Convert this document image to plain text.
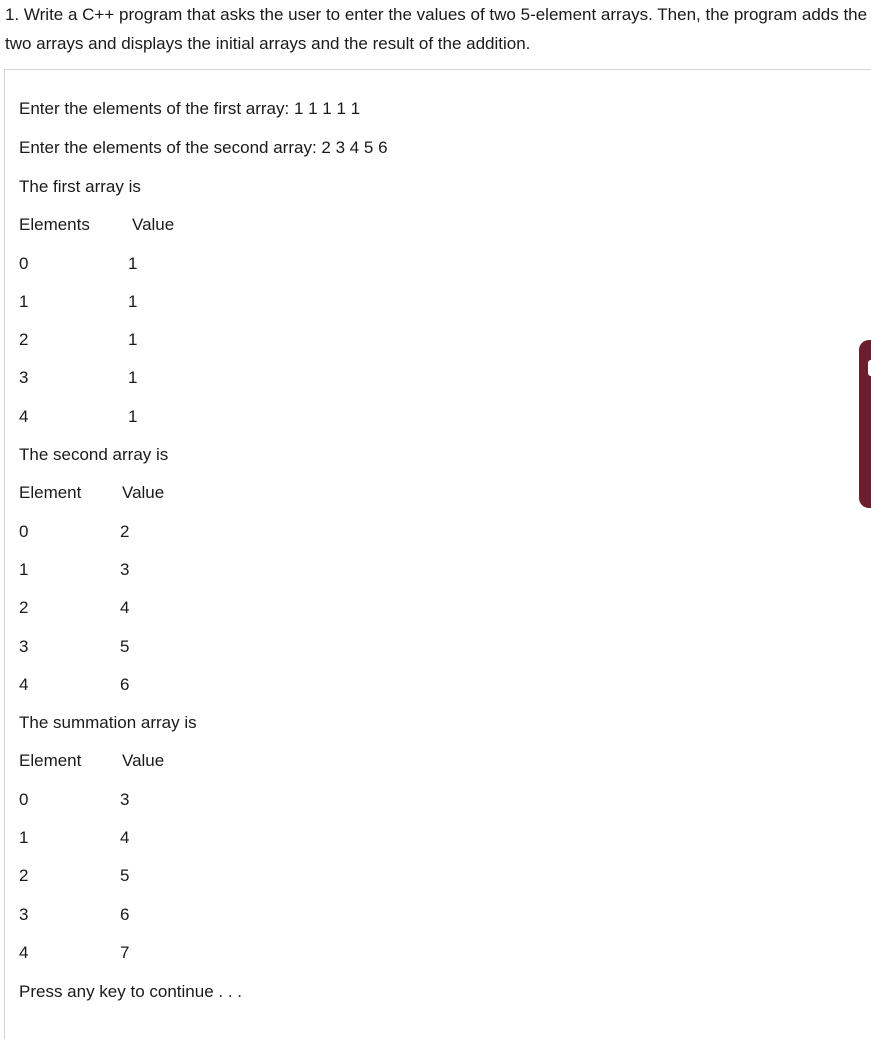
1. Write a C++ program that asks the user to enter the values of two 5-element arrays. Then, the program adds the two arrays and displays the initial arrays and the result of the addition.
Enter the elements of the first array: 1 1 1 1 1
Enter the elements of the second array: 2 3 4 5 6
The first array is
Elements Value
0	1
1	1
2	1
3	1
4	1
The second array is
Element Value
0	2
1	3
2	4
3	5
4	6
The summation array is
Element Value
0	3
1	4
2	5
3	6
4	7
Press any key to continue . . .
